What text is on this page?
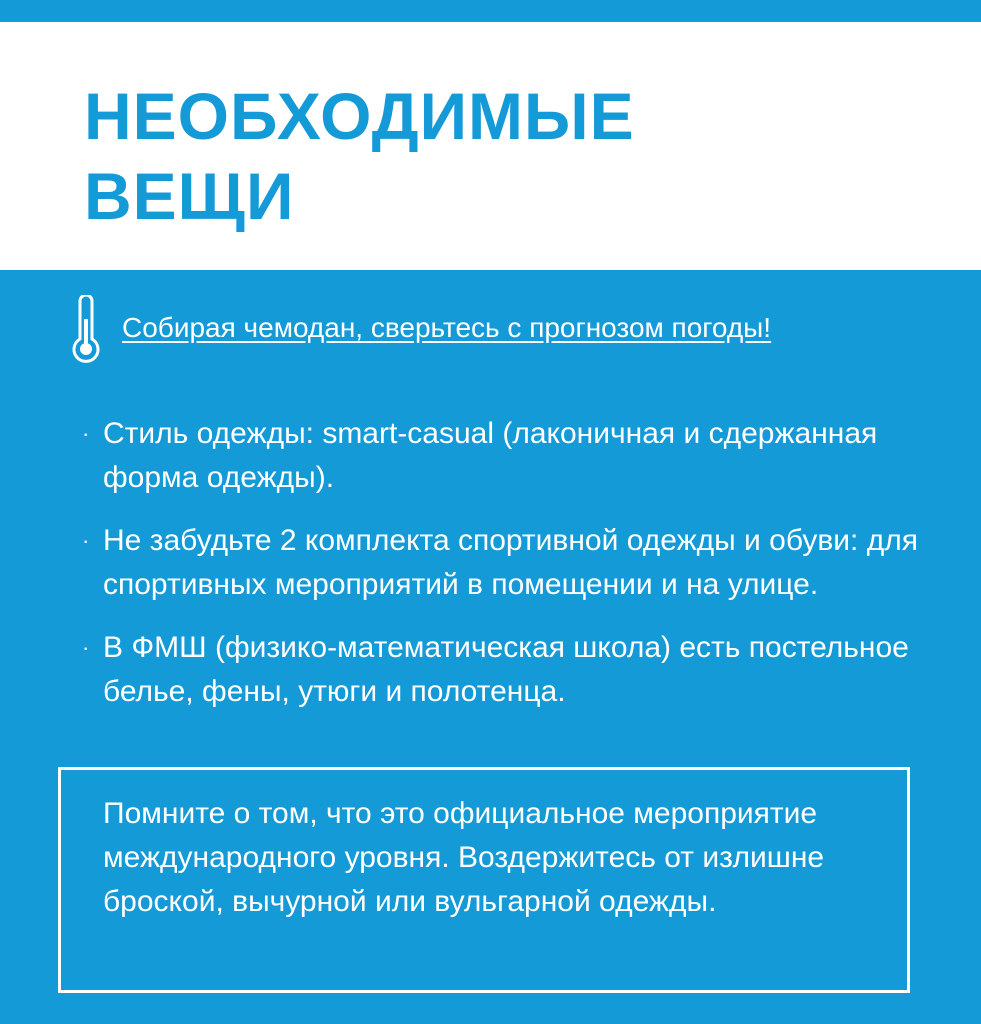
НЕОБХОДИМЫЕ
ВЕЩИ
Собирая чемодан, сверьтесь с прогнозом погоды!
· Стиль одежды: smart-casual (лаконичная и сдержанная форма одежды).
· Не забудьте 2 комплекта спортивной одежды и обуви: для спортивных мероприятий в помещении и на улице.
· В ФМШ (физико-математическая школа) есть постельное белье, фены, утюги и полотенца.
Помните о том, что это официальное мероприятие международного уровня. Воздержитесь от излишне броской, вычурной или вульгарной одежды.
